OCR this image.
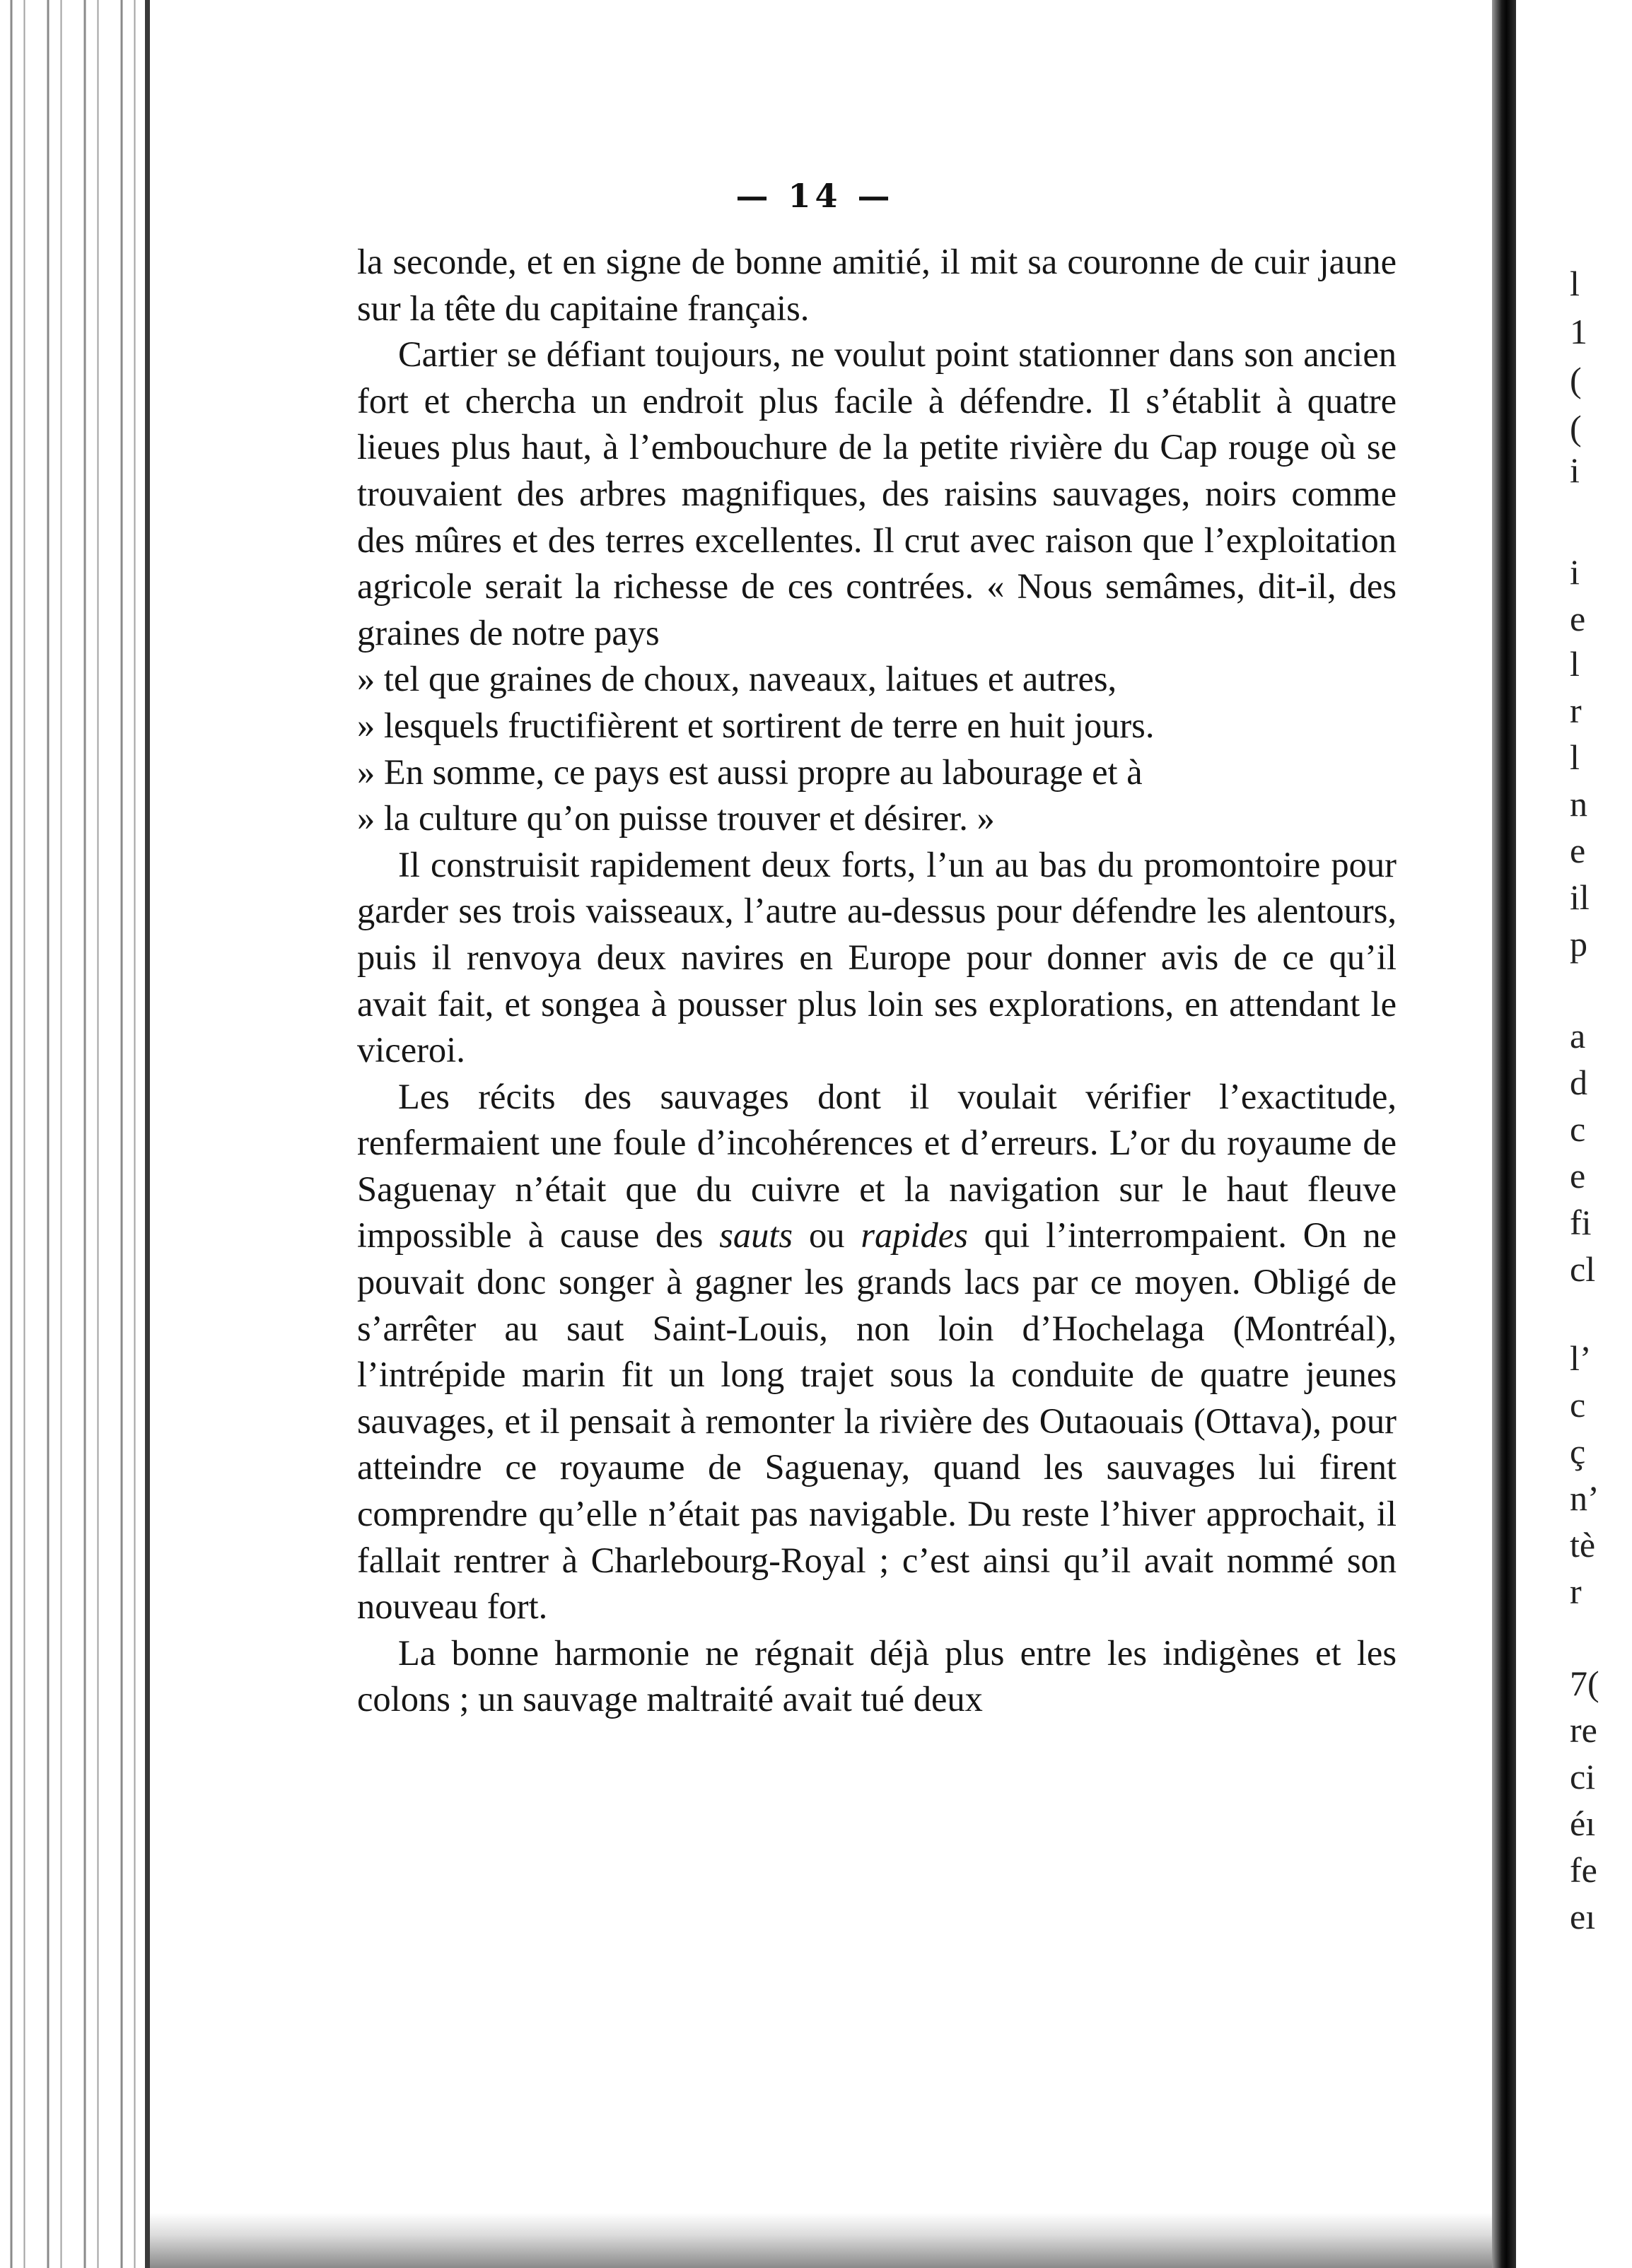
— 14 —

la seconde, et en signe de bonne amitié, il mit sa couronne de cuir jaune sur la tête du capitaine français.

Cartier se défiant toujours, ne voulut point stationner dans son ancien fort et chercha un endroit plus facile à défendre. Il s’établit à quatre lieues plus haut, à l’embouchure de la petite rivière du Cap rouge où se trouvaient des arbres magnifiques, des raisins sauvages, noirs comme des mûres et des terres excellentes. Il crut avec raison que l’exploitation agricole serait la richesse de ces contrées. « Nous semâmes, dit-il, des graines de notre pays

» tel que graines de choux, naveaux, laitues et autres,

» lesquels fructifièrent et sortirent de terre en huit jours.

» En somme, ce pays est aussi propre au labourage et à

» la culture qu’on puisse trouver et désirer. »

Il construisit rapidement deux forts, l’un au bas du promontoire pour garder ses trois vaisseaux, l’autre au-dessus pour défendre les alentours, puis il renvoya deux navires en Europe pour donner avis de ce qu’il avait fait, et songea à pousser plus loin ses explorations, en attendant le viceroi.

Les récits des sauvages dont il voulait vérifier l’exactitude, renfermaient une foule d’incohérences et d’erreurs. L’or du royaume de Saguenay n’était que du cuivre et la navigation sur le haut fleuve impossible à cause des sauts ou rapides qui l’interrompaient. On ne pouvait donc songer à gagner les grands lacs par ce moyen. Obligé de s’arrêter au saut Saint-Louis, non loin d’Hochelaga (Montréal), l’intrépide marin fit un long trajet sous la conduite de quatre jeunes sauvages, et il pensait à remonter la rivière des Outaouais (Ottava), pour atteindre ce royaume de Saguenay, quand les sauvages lui firent comprendre qu’elle n’était pas navigable. Du reste l’hiver approchait, il fallait rentrer à Charlebourg-Royal ; c’est ainsi qu’il avait nommé son nouveau fort.

La bonne harmonie ne régnait déjà plus entre les indigènes et les colons ; un sauvage maltraité avait tué deux

l
1
(
(
i
i
e
l
r
l
n
e
il
p
a
d
c
e
fi
cl
l’
c
ç
n’
tè
r
7(
re
ci
éı
fe
eı
